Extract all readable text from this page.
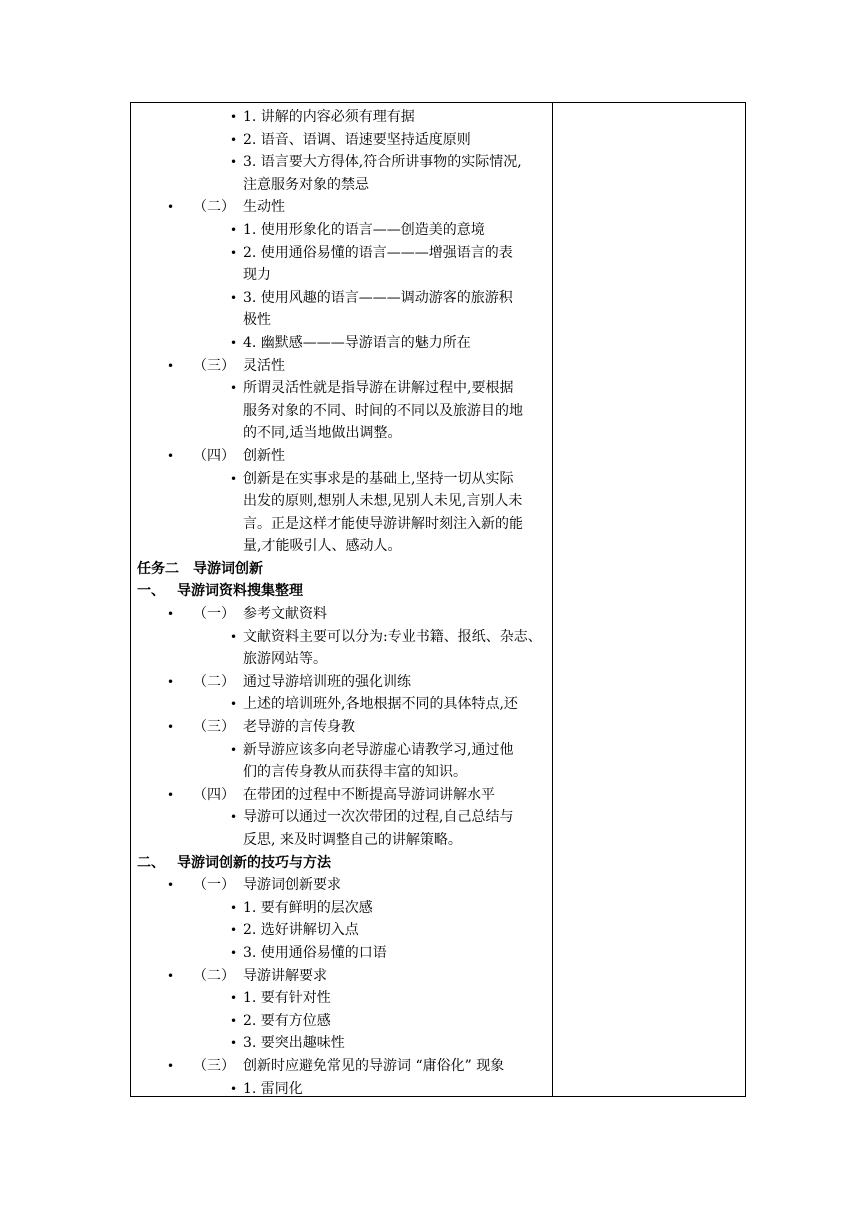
• 1. 讲解的内容必须有理有据
• 2. 语音、语调、语速要坚持适度原则
• 3. 语言要大方得体,符合所讲事物的实际情况,
注意服务对象的禁忌
• （二） 生动性
• 1. 使用形象化的语言——创造美的意境
• 2. 使用通俗易懂的语言———增强语言的表
现力
• 3. 使用风趣的语言———调动游客的旅游积
极性
• 4. 幽默感———导游语言的魅力所在
• （三） 灵活性
• 所谓灵活性就是指导游在讲解过程中,要根据
服务对象的不同、时间的不同以及旅游目的地
的不同,适当地做出调整。
• （四） 创新性
• 创新是在实事求是的基础上,坚持一切从实际
出发的原则,想别人未想,见别人未见,言别人未
言。正是这样才能使导游讲解时刻注入新的能
量,才能吸引人、感动人。
任务二　导游词创新
一、 导游词资料搜集整理
• （一） 参考文献资料
• 文献资料主要可以分为:专业书籍、报纸、杂志、
旅游网站等。
• （二） 通过导游培训班的强化训练
• 上述的培训班外,各地根据不同的具体特点,还
• （三） 老导游的言传身教
• 新导游应该多向老导游虚心请教学习,通过他
们的言传身教从而获得丰富的知识。
• （四） 在带团的过程中不断提高导游词讲解水平
• 导游可以通过一次次带团的过程,自己总结与
反思, 来及时调整自己的讲解策略。
二、 导游词创新的技巧与方法
• （一） 导游词创新要求
• 1. 要有鲜明的层次感
• 2. 选好讲解切入点
• 3. 使用通俗易懂的口语
• （二） 导游讲解要求
• 1. 要有针对性
• 2. 要有方位感
• 3. 要突出趣味性
• （三） 创新时应避免常见的导游词 “庸俗化” 现象
• 1. 雷同化
